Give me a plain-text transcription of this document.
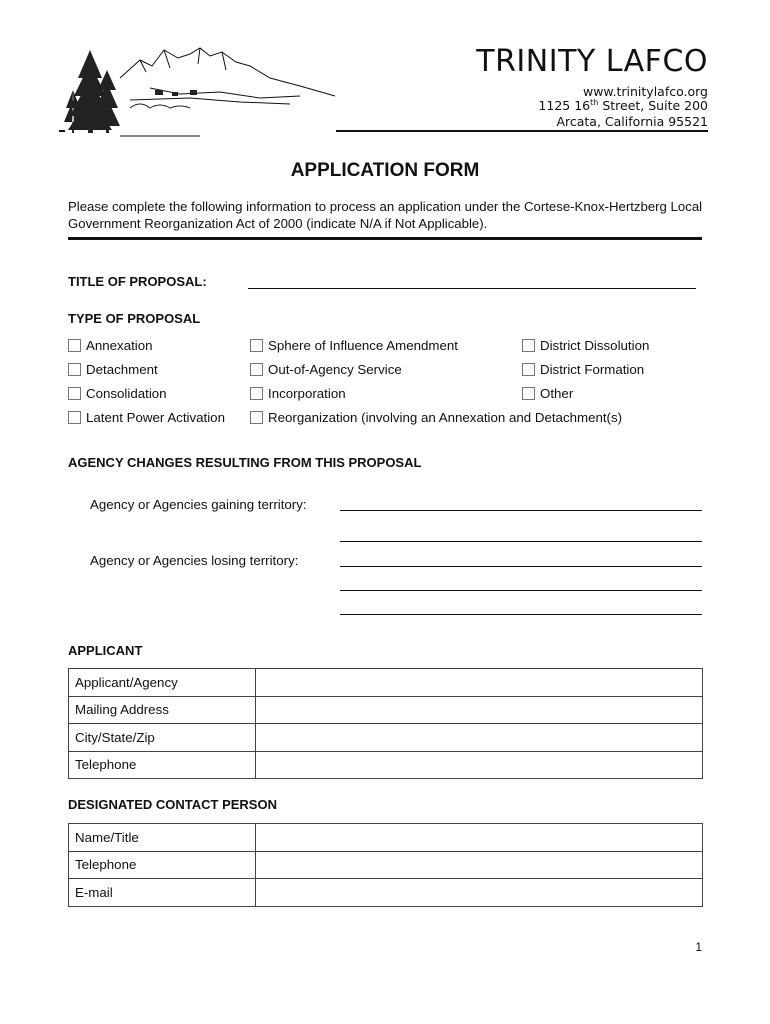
TRINITY LAFCO
www.trinitylafco.org
1125 16th Street, Suite 200
Arcata, California 95521
APPLICATION FORM
Please complete the following information to process an application under the Cortese-Knox-Hertzberg Local Government Reorganization Act of 2000 (indicate N/A if Not Applicable).
TITLE OF PROPOSAL:
TYPE OF PROPOSAL
Annexation	Sphere of Influence Amendment	District Dissolution
Detachment	Out-of-Agency Service	District Formation
Consolidation	Incorporation	Other
Latent Power Activation	Reorganization (involving an Annexation and Detachment(s)
AGENCY CHANGES RESULTING FROM THIS PROPOSAL
Agency or Agencies gaining territory:
Agency or Agencies losing territory:
APPLICANT
Applicant/Agency	
Mailing Address	
City/State/Zip	
Telephone	
DESIGNATED CONTACT PERSON
Name/Title	
Telephone	
E-mail	
1
